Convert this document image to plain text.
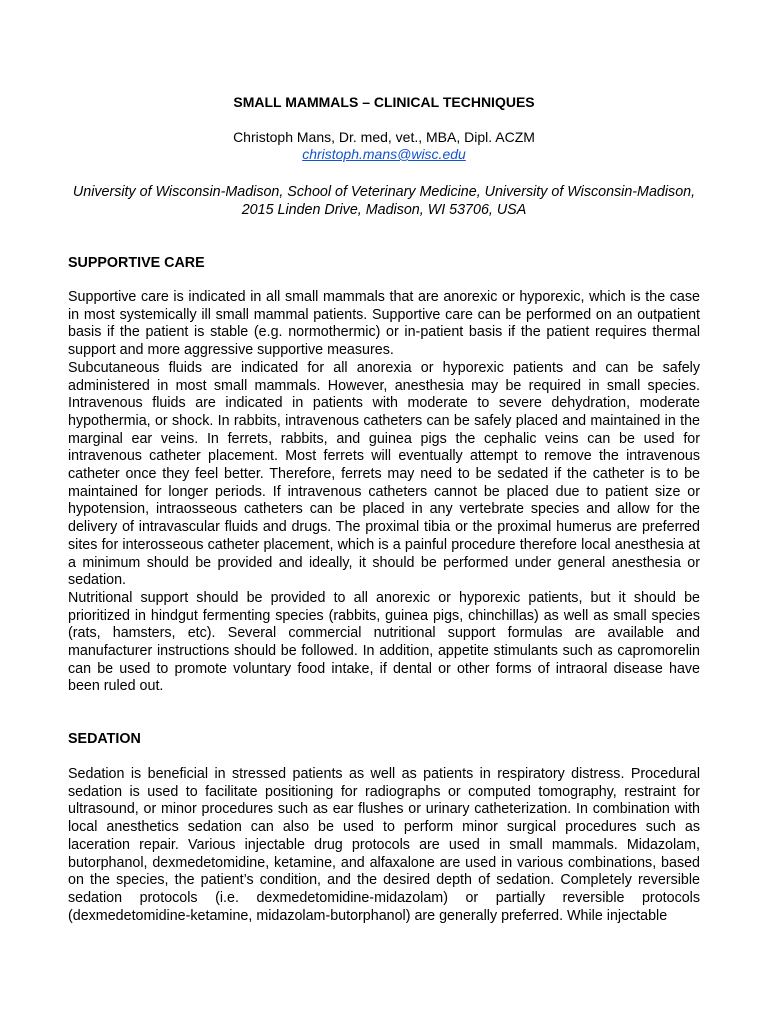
SMALL MAMMALS – CLINICAL TECHNIQUES
Christoph Mans, Dr. med, vet., MBA, Dipl. ACZM
christoph.mans@wisc.edu
University of Wisconsin-Madison, School of Veterinary Medicine, University of Wisconsin-Madison, 2015 Linden Drive, Madison, WI 53706, USA
SUPPORTIVE CARE

Supportive care is indicated in all small mammals that are anorexic or hyporexic, which is the case in most systemically ill small mammal patients. Supportive care can be performed on an outpatient basis if the patient is stable (e.g. normothermic) or in-patient basis if the patient requires thermal support and more aggressive supportive measures.

Subcutaneous fluids are indicated for all anorexia or hyporexic patients and can be safely administered in most small mammals. However, anesthesia may be required in small species. Intravenous fluids are indicated in patients with moderate to severe dehydration, moderate hypothermia, or shock. In rabbits, intravenous catheters can be safely placed and maintained in the marginal ear veins. In ferrets, rabbits, and guinea pigs the cephalic veins can be used for intravenous catheter placement. Most ferrets will eventually attempt to remove the intravenous catheter once they feel better. Therefore, ferrets may need to be sedated if the catheter is to be maintained for longer periods. If intravenous catheters cannot be placed due to patient size or hypotension, intraosseous catheters can be placed in any vertebrate species and allow for the delivery of intravascular fluids and drugs. The proximal tibia or the proximal humerus are preferred sites for interosseous catheter placement, which is a painful procedure therefore local anesthesia at a minimum should be provided and ideally, it should be performed under general anesthesia or sedation.

Nutritional support should be provided to all anorexic or hyporexic patients, but it should be prioritized in hindgut fermenting species (rabbits, guinea pigs, chinchillas) as well as small species (rats, hamsters, etc). Several commercial nutritional support formulas are available and manufacturer instructions should be followed. In addition, appetite stimulants such as capromorelin can be used to promote voluntary food intake, if dental or other forms of intraoral disease have been ruled out.

SEDATION

Sedation is beneficial in stressed patients as well as patients in respiratory distress. Procedural sedation is used to facilitate positioning for radiographs or computed tomography, restraint for ultrasound, or minor procedures such as ear flushes or urinary catheterization. In combination with local anesthetics sedation can also be used to perform minor surgical procedures such as laceration repair. Various injectable drug protocols are used in small mammals. Midazolam, butorphanol, dexmedetomidine, ketamine, and alfaxalone are used in various combinations, based on the species, the patient’s condition, and the desired depth of sedation. Completely reversible sedation protocols (i.e. dexmedetomidine-midazolam) or partially reversible protocols (dexmedetomidine-ketamine, midazolam-butorphanol) are generally preferred. While injectable
